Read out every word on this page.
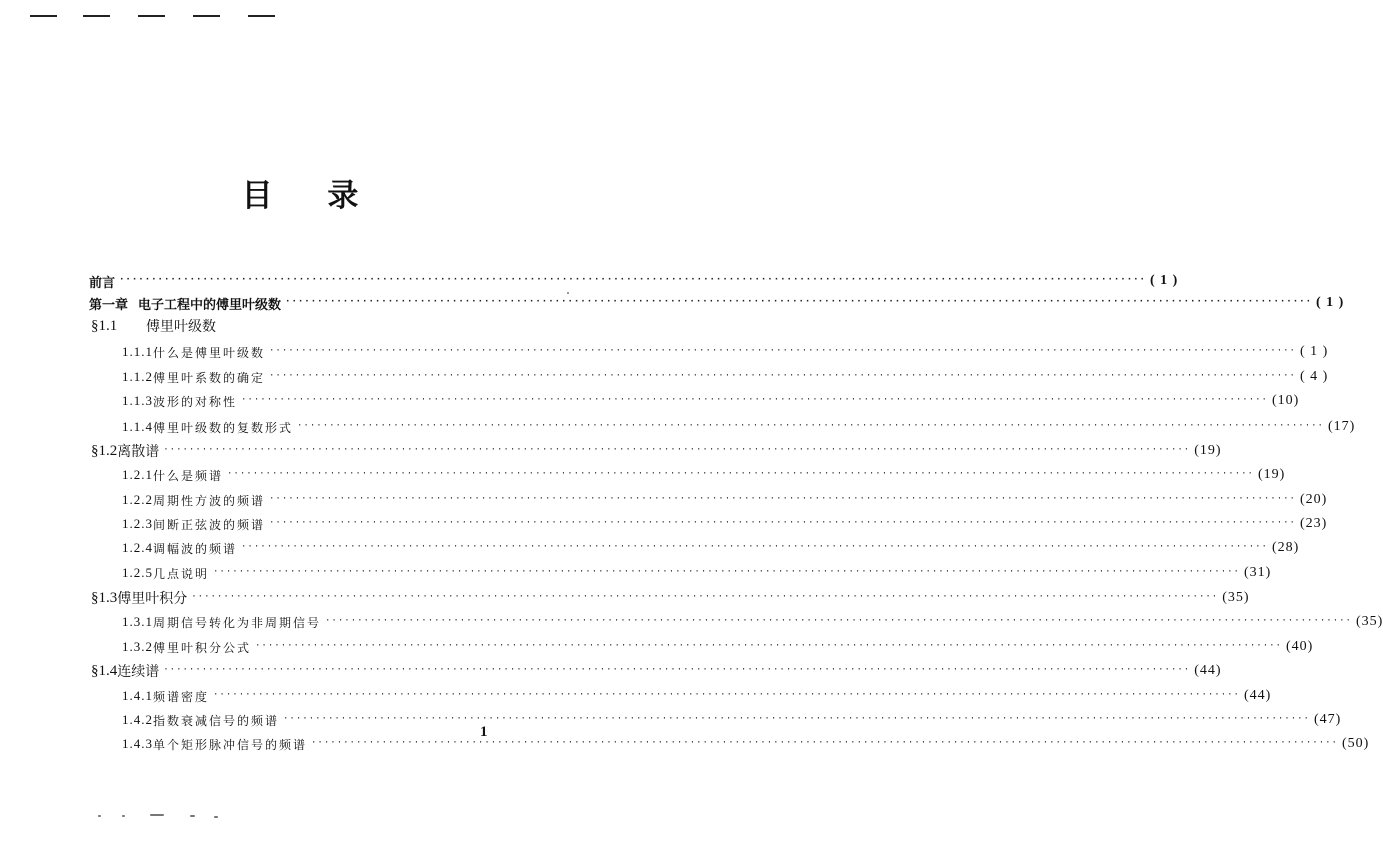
目 录
前言 ································································································································································ ( 1 )
第一章 电子工程中的傅里叶级数 ································································································································································ ( 1 )
§1.1	傅里叶级数
1.1.1 什么是傅里叶级数 ································································································································································ ( 1 )
1.1.2 傅里叶系数的确定 ································································································································································ ( 4 )
1.1.3 波形的对称性 ································································································································································ (10)
1.1.4 傅里叶级数的复数形式 ································································································································································ (17)
§1.2 离散谱 ································································································································································ (19)
1.2.1 什么是频谱 ································································································································································ (19)
1.2.2 周期性方波的频谱 ································································································································································ (20)
1.2.3 间断正弦波的频谱 ································································································································································ (23)
1.2.4 调幅波的频谱 ································································································································································ (28)
1.2.5 几点说明 ································································································································································ (31)
§1.3 傅里叶积分 ································································································································································ (35)
1.3.1 周期信号转化为非周期信号 ································································································································································ (35)
1.3.2 傅里叶积分公式 ································································································································································ (40)
§1.4 连续谱 ································································································································································ (44)
1.4.1 频谱密度 ································································································································································ (44)
1.4.2 指数衰减信号的频谱 ································································································································································ (47)
1.4.3 单个矩形脉冲信号的频谱 ································································································································································ (50)
1
